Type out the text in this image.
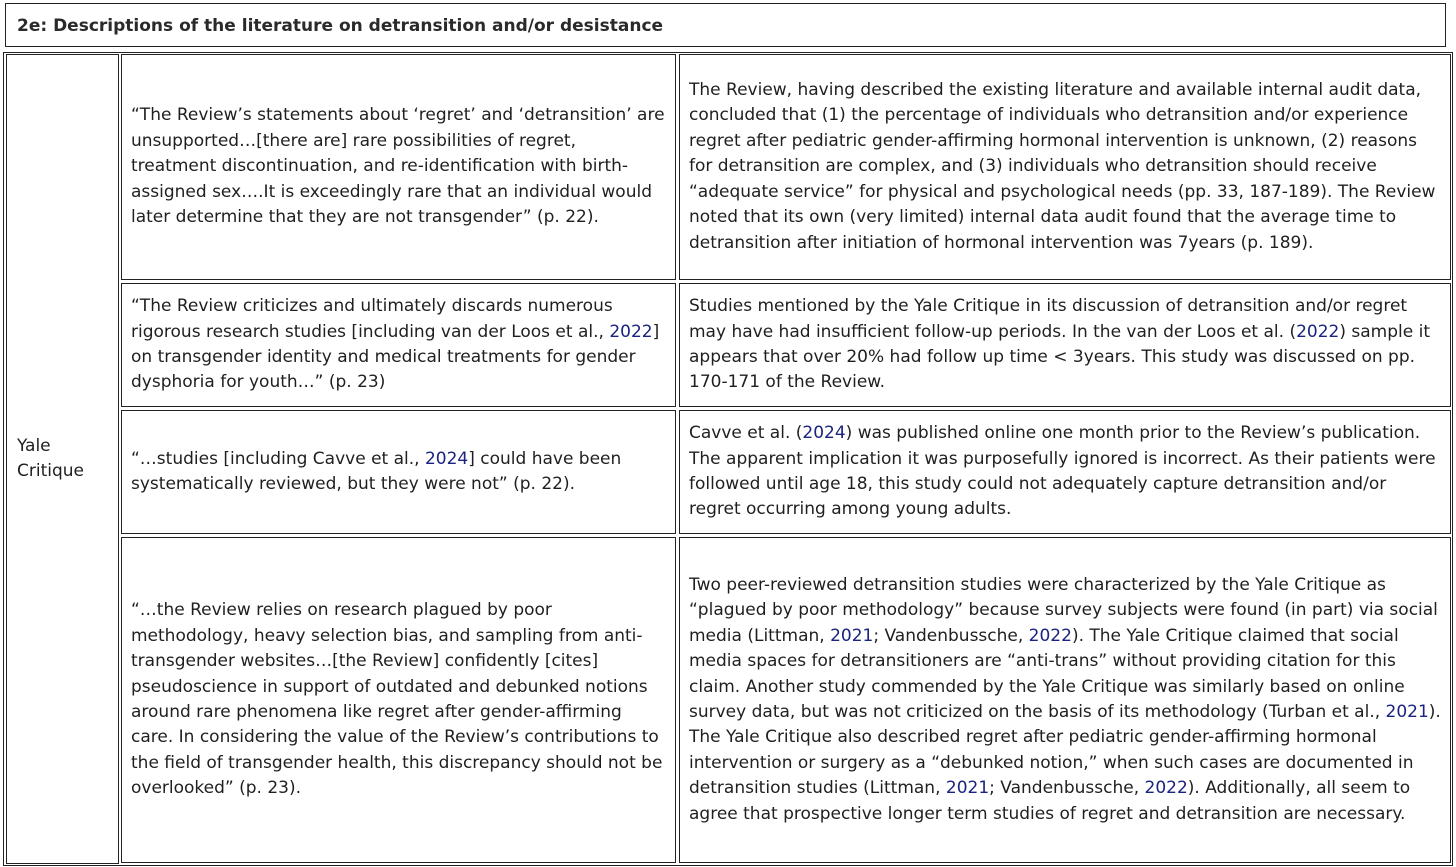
2e: Descriptions of the literature on detransition and/or desistance

Yale Critique

“The Review’s statements about ‘regret’ and ‘detransition’ are unsupported…[there are] rare possibilities of regret, treatment discontinuation, and re-identification with birth-assigned sex….It is exceedingly rare that an individual would later determine that they are not transgender” (p. 22).

The Review, having described the existing literature and available internal audit data, concluded that (1) the percentage of individuals who detransition and/or experience regret after pediatric gender-affirming hormonal intervention is unknown, (2) reasons for detransition are complex, and (3) individuals who detransition should receive “adequate service” for physical and psychological needs (pp. 33, 187-189). The Review noted that its own (very limited) internal data audit found that the average time to detransition after initiation of hormonal intervention was 7years (p. 189).

“The Review criticizes and ultimately discards numerous rigorous research studies [including van der Loos et al., 2022] on transgender identity and medical treatments for gender dysphoria for youth…” (p. 23)

Studies mentioned by the Yale Critique in its discussion of detransition and/or regret may have had insufficient follow-up periods. In the van der Loos et al. (2022) sample it appears that over 20% had follow up time < 3years. This study was discussed on pp. 170-171 of the Review.

“…studies [including Cavve et al., 2024] could have been systematically reviewed, but they were not” (p. 22).

Cavve et al. (2024) was published online one month prior to the Review’s publication. The apparent implication it was purposefully ignored is incorrect. As their patients were followed until age 18, this study could not adequately capture detransition and/or regret occurring among young adults.

“…the Review relies on research plagued by poor methodology, heavy selection bias, and sampling from anti-transgender websites…[the Review] confidently [cites] pseudoscience in support of outdated and debunked notions around rare phenomena like regret after gender-affirming care. In considering the value of the Review’s contributions to the field of transgender health, this discrepancy should not be overlooked” (p. 23).

Two peer-reviewed detransition studies were characterized by the Yale Critique as “plagued by poor methodology” because survey subjects were found (in part) via social media (Littman, 2021; Vandenbussche, 2022). The Yale Critique claimed that social media spaces for detransitioners are “anti-trans” without providing citation for this claim. Another study commended by the Yale Critique was similarly based on online survey data, but was not criticized on the basis of its methodology (Turban et al., 2021).
The Yale Critique also described regret after pediatric gender-affirming hormonal intervention or surgery as a “debunked notion,” when such cases are documented in detransition studies (Littman, 2021; Vandenbussche, 2022). Additionally, all seem to agree that prospective longer term studies of regret and detransition are necessary.
